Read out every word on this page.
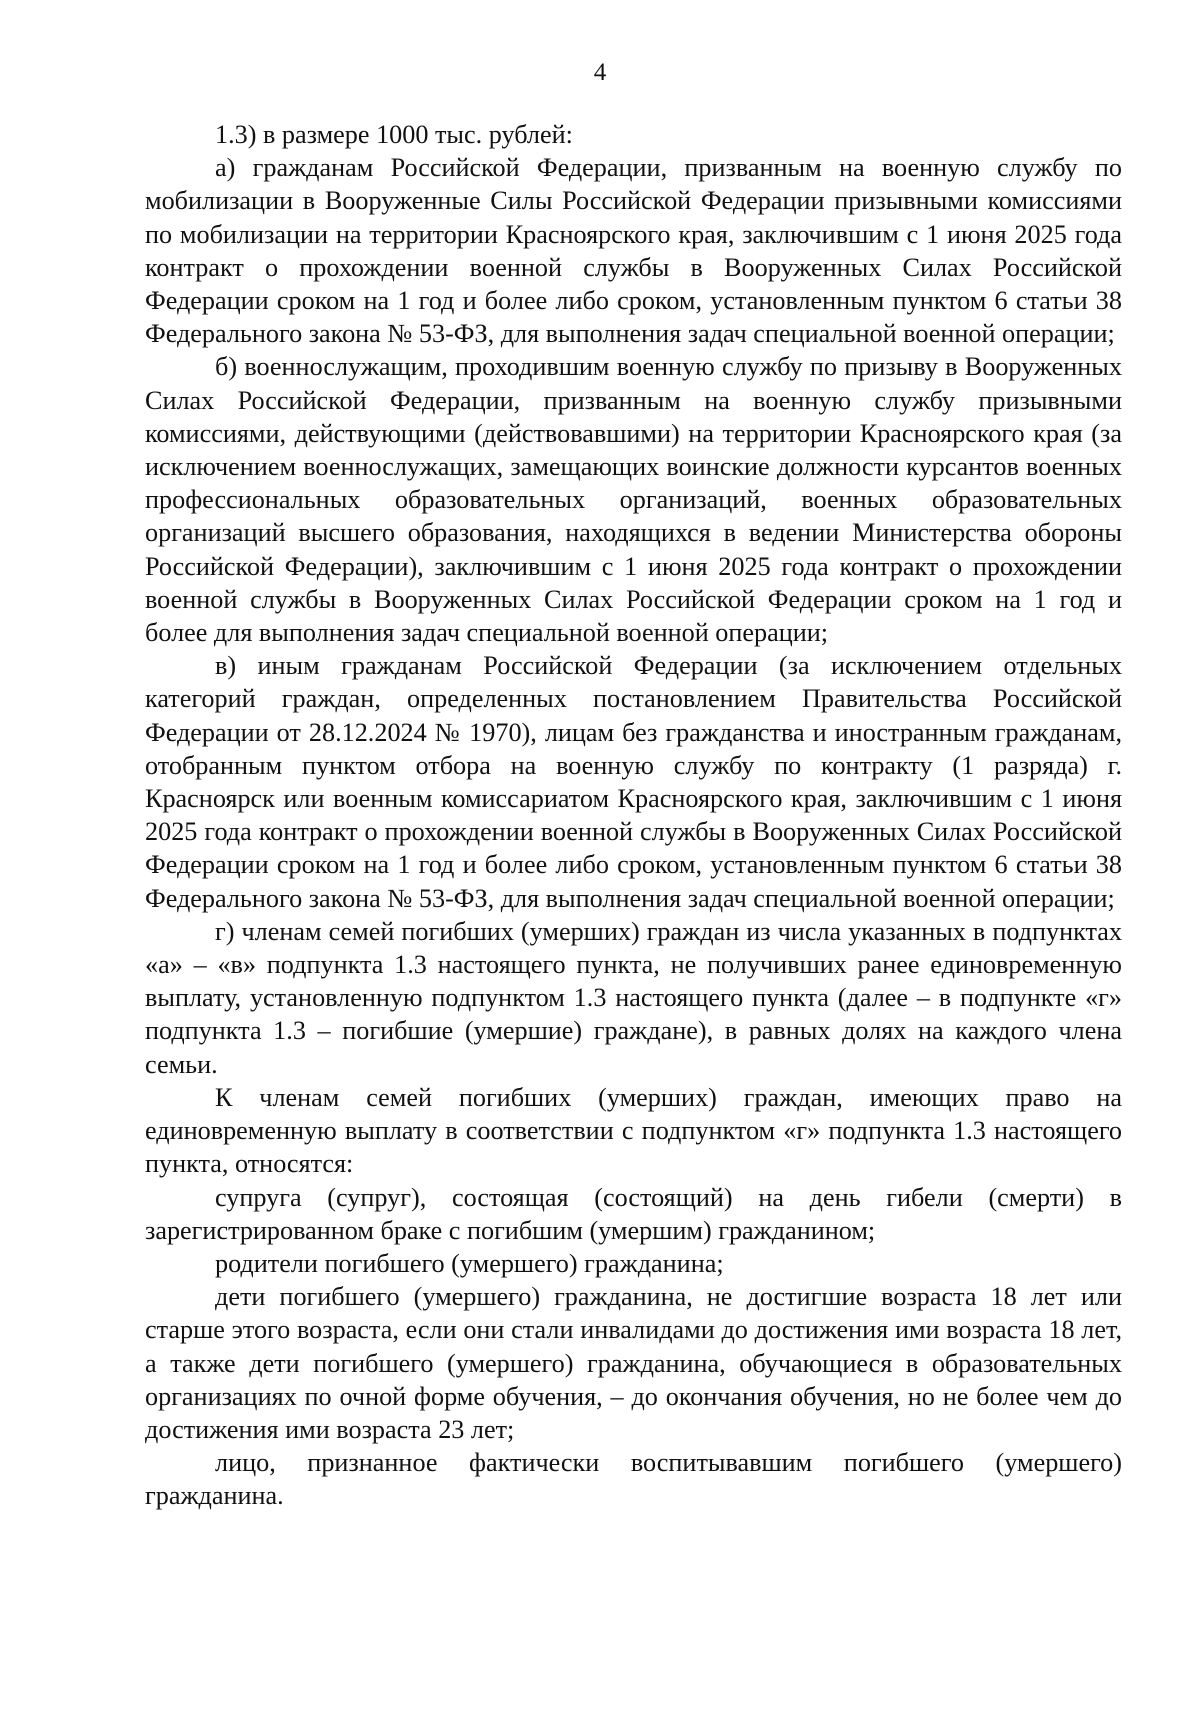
4

1.3) в размере 1000 тыс. рублей:

а) гражданам Российской Федерации, призванным на военную службу по мобилизации в Вооруженные Силы Российской Федерации призывными комиссиями по мобилизации на территории Красноярского края, заключившим с 1 июня 2025 года контракт о прохождении военной службы в Вооруженных Силах Российской Федерации сроком на 1 год и более либо сроком, установленным пунктом 6 статьи 38 Федерального закона № 53-ФЗ, для выполнения задач специальной военной операции;

б) военнослужащим, проходившим военную службу по призыву в Вооруженных Силах Российской Федерации, призванным на военную службу призывными комиссиями, действующими (действовавшими) на территории Красноярского края (за исключением военнослужащих, замещающих воинские должности курсантов военных профессиональных образовательных организаций, военных образовательных организаций высшего образования, находящихся в ведении Министерства обороны Российской Федерации), заключившим с 1 июня 2025 года контракт о прохождении военной службы в Вооруженных Силах Российской Федерации сроком на 1 год и более для выполнения задач специальной военной операции;

в) иным гражданам Российской Федерации (за исключением отдельных категорий граждан, определенных постановлением Правительства Российской Федерации от 28.12.2024 № 1970), лицам без гражданства и иностранным гражданам, отобранным пунктом отбора на военную службу по контракту (1 разряда) г. Красноярск или военным комиссариатом Красноярского края, заключившим с 1 июня 2025 года контракт о прохождении военной службы в Вооруженных Силах Российской Федерации сроком на 1 год и более либо сроком, установленным пунктом 6 статьи 38 Федерального закона № 53-ФЗ, для выполнения задач специальной военной операции;

г) членам семей погибших (умерших) граждан из числа указанных в подпунктах «а» – «в» подпункта 1.3 настоящего пункта, не получивших ранее единовременную выплату, установленную подпунктом 1.3 настоящего пункта (далее – в подпункте «г» подпункта 1.3 – погибшие (умершие) граждане), в равных долях на каждого члена семьи.

К членам семей погибших (умерших) граждан, имеющих право на единовременную выплату в соответствии с подпунктом «г» подпункта 1.3 настоящего пункта, относятся:

супруга (супруг), состоящая (состоящий) на день гибели (смерти) в зарегистрированном браке с погибшим (умершим) гражданином;

родители погибшего (умершего) гражданина;

дети погибшего (умершего) гражданина, не достигшие возраста 18 лет или старше этого возраста, если они стали инвалидами до достижения ими возраста 18 лет, а также дети погибшего (умершего) гражданина, обучающиеся в образовательных организациях по очной форме обучения, – до окончания обучения, но не более чем до достижения ими возраста 23 лет;

лицо, признанное фактически воспитывавшим погибшего (умершего) гражданина.
